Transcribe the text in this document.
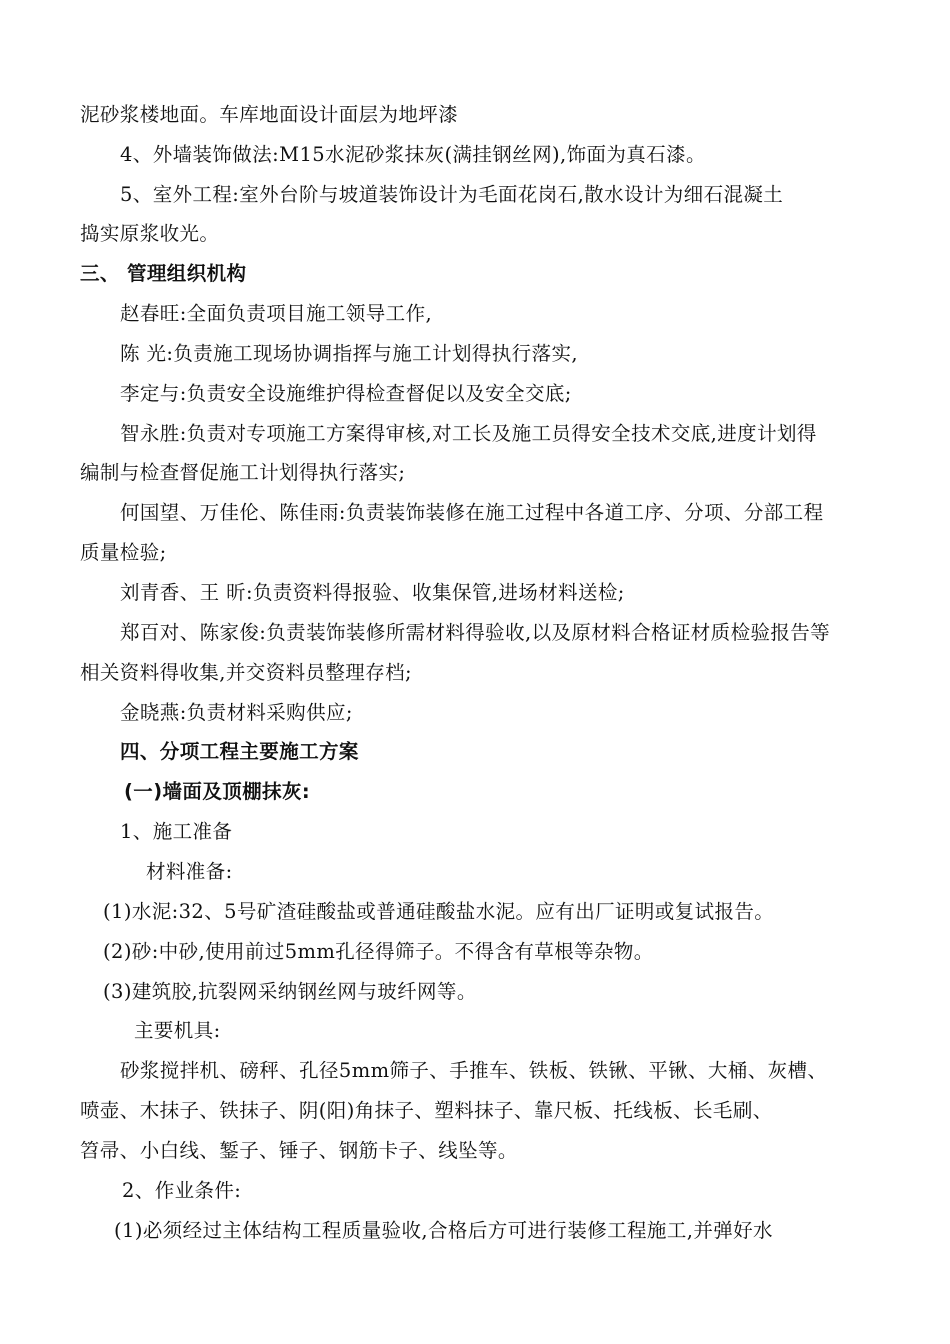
泥砂浆楼地面。车库地面设计面层为地坪漆
4、外墙装饰做法:M15水泥砂浆抹灰(满挂钢丝网),饰面为真石漆。
5、室外工程:室外台阶与坡道装饰设计为毛面花岗石,散水设计为细石混凝土
捣实原浆收光。
三、 管理组织机构
赵春旺:全面负责项目施工领导工作,
陈 光:负责施工现场协调指挥与施工计划得执行落实,
李定与:负责安全设施维护得检查督促以及安全交底;
智永胜:负责对专项施工方案得审核,对工长及施工员得安全技术交底,进度计划得
编制与检查督促施工计划得执行落实;
何国望、万佳伦、陈佳雨:负责装饰装修在施工过程中各道工序、分项、分部工程
质量检验;
刘青香、王 昕:负责资料得报验、收集保管,进场材料送检;
郑百对、陈家俊:负责装饰装修所需材料得验收,以及原材料合格证材质检验报告等
相关资料得收集,并交资料员整理存档;
金晓燕:负责材料采购供应;
四、分项工程主要施工方案
(一)墙面及顶棚抹灰:
1、施工准备
材料准备:
(1)水泥:32、5号矿渣硅酸盐或普通硅酸盐水泥。应有出厂证明或复试报告。
(2)砂:中砂,使用前过5mm孔径得筛子。不得含有草根等杂物。
(3)建筑胶,抗裂网采纳钢丝网与玻纤网等。
主要机具:
砂浆搅拌机、磅秤、孔径5mm筛子、手推车、铁板、铁锹、平锹、大桶、灰槽、
喷壶、木抹子、铁抹子、阴(阳)角抹子、塑料抹子、靠尺板、托线板、长毛刷、
笤帚、小白线、錾子、锤子、钢筋卡子、线坠等。
2、作业条件:
(1)必须经过主体结构工程质量验收,合格后方可进行装修工程施工,并弹好水
